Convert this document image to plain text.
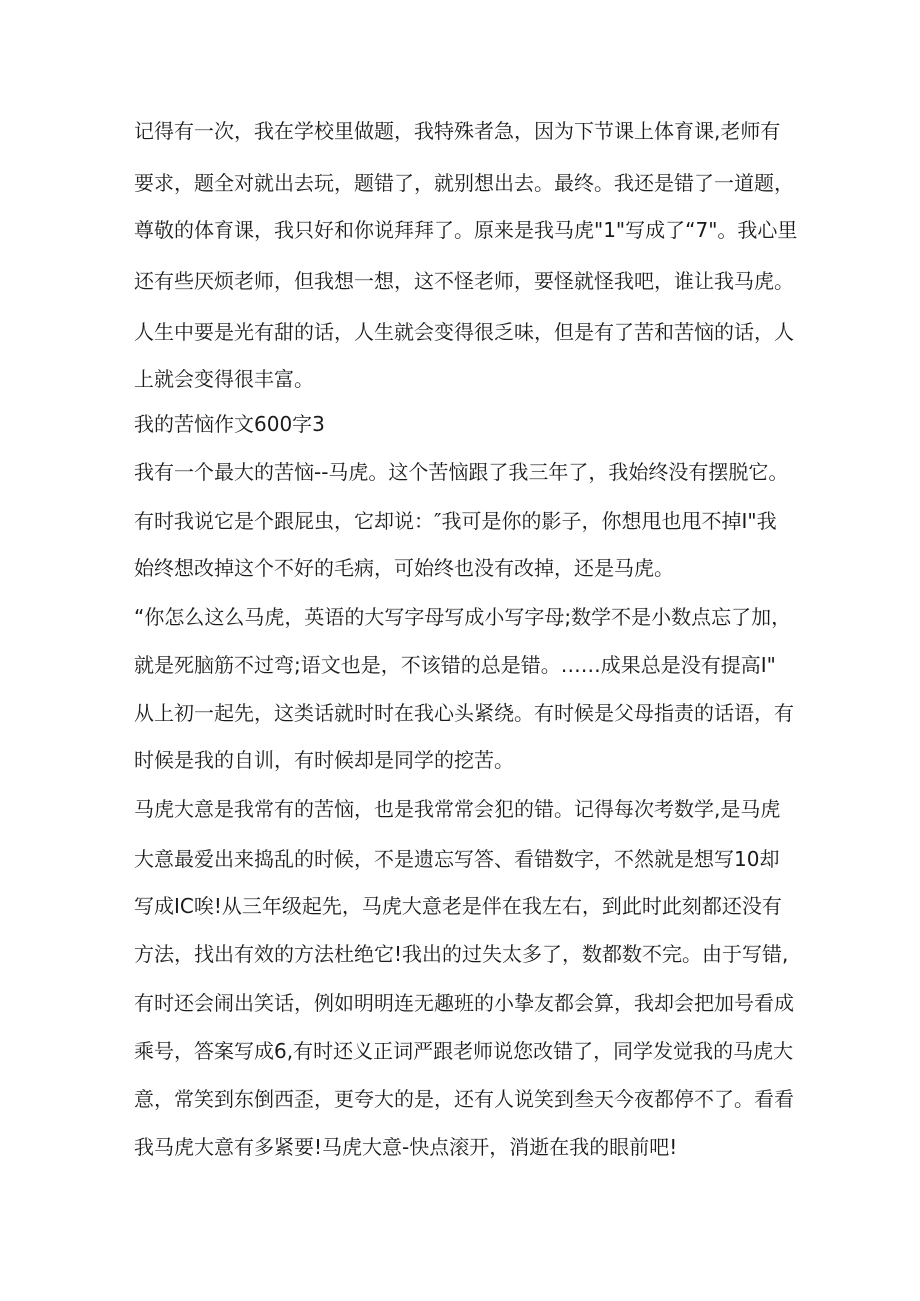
记得有一次，我在学校里做题，我特殊者急，因为下节课上体育课,老师有

要求，题全对就出去玩，题错了，就别想出去。最终。我还是错了一道题，

尊敬的体育课，我只好和你说拜拜了。原来是我马虎"1"写成了“7"。我心里

还有些厌烦老师，但我想一想，这不怪老师，要怪就怪我吧，谁让我马虎。

人生中要是光有甜的话，人生就会变得很乏味，但是有了苦和苦恼的话，人

上就会变得很丰富。

我的苦恼作文600字3

我有一个最大的苦恼--马虎。这个苦恼跟了我三年了，我始终没有摆脱它。

有时我说它是个跟屁虫，它却说：″我可是你的影子，你想甩也甩不掉I"我

始终想改掉这个不好的毛病，可始终也没有改掉，还是马虎。

“你怎么这么马虎，英语的大写字母写成小写字母;数学不是小数点忘了加，

就是死脑筋不过弯;语文也是，不该错的总是错。……成果总是没有提高I"

从上初一起先，这类话就时时在我心头紧绕。有时候是父母指责的话语，有

时候是我的自训，有时候却是同学的挖苦。

马虎大意是我常有的苦恼，也是我常常会犯的错。记得每次考数学,是马虎

大意最爱出来捣乱的时候，不是遗忘写答、看错数字，不然就是想写10却

写成IC唉!从三年级起先，马虎大意老是伴在我左右，到此时此刻都还没有

方法，找出有效的方法杜绝它!我出的过失太多了，数都数不完。由于写错,

有时还会闹出笑话，例如明明连无趣班的小挚友都会算，我却会把加号看成

乘号，答案写成6,有时还义正词严跟老师说您改错了，同学发觉我的马虎大

意，常笑到东倒西歪，更夸大的是，还有人说笑到叁天今夜都停不了。看看

我马虎大意有多紧要!马虎大意-快点滚开，消逝在我的眼前吧!
